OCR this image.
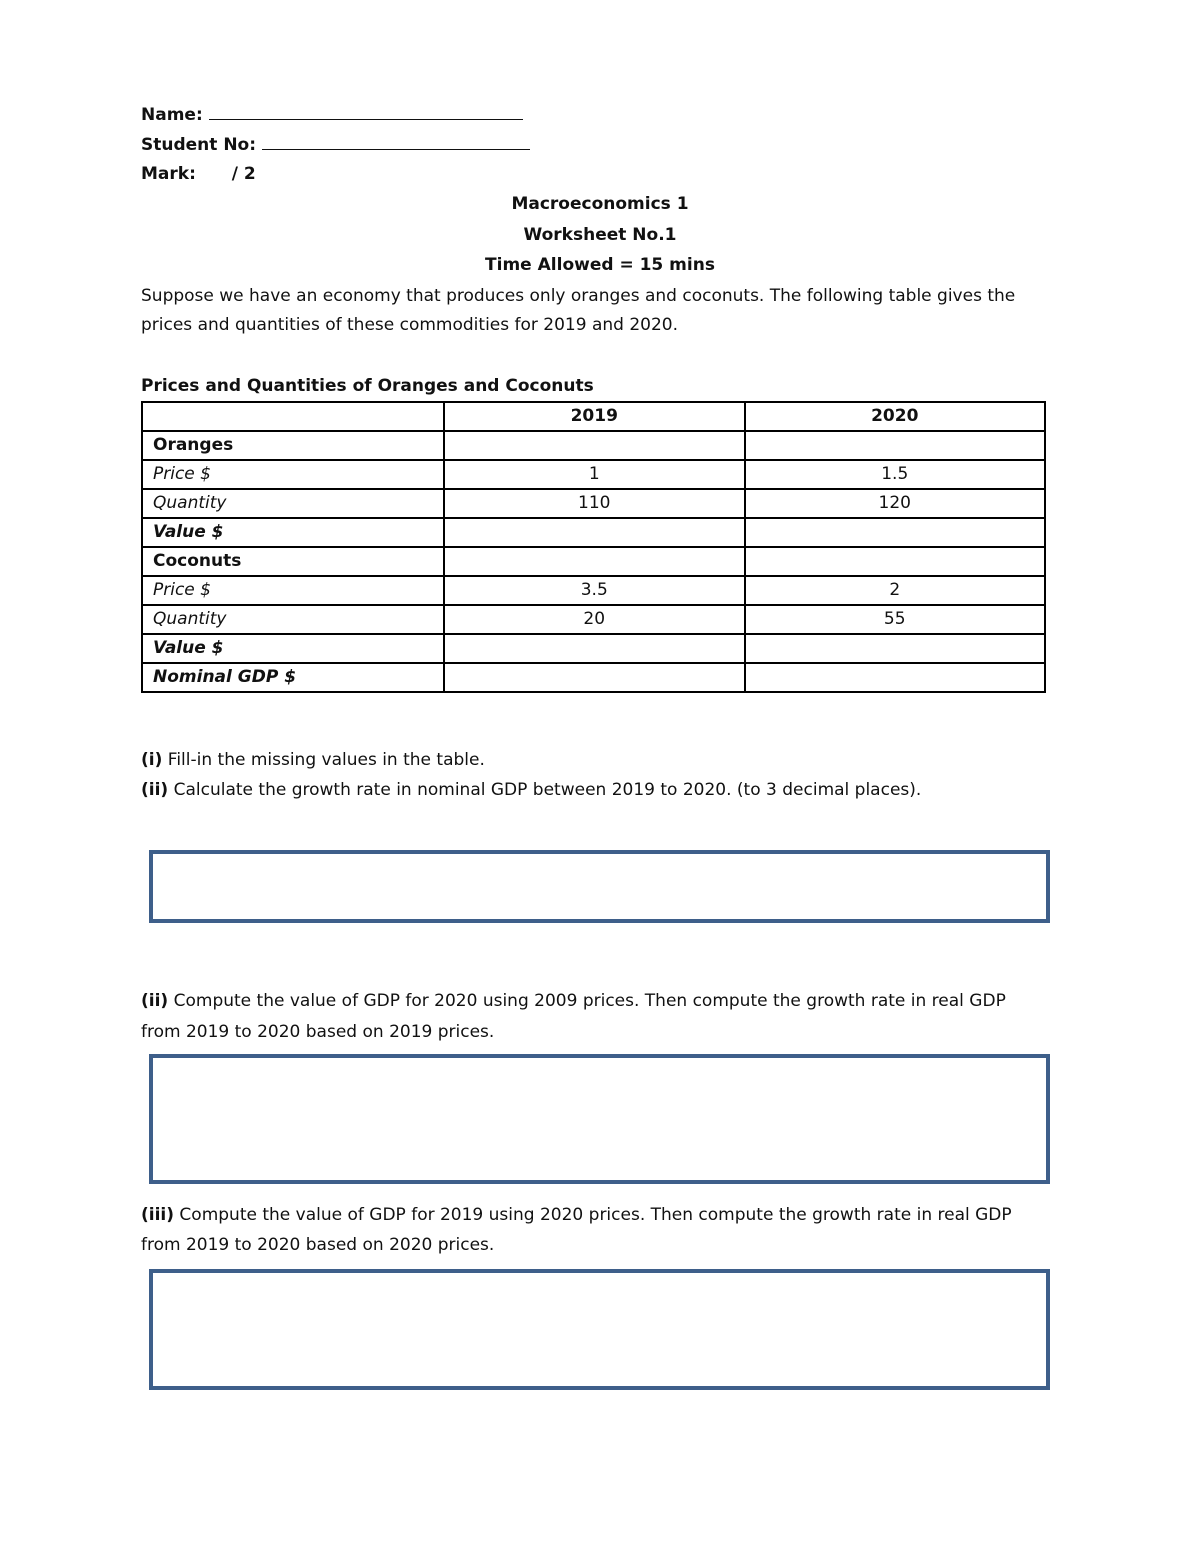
Name:
Student No:
Mark: / 2
Macroeconomics 1
Worksheet No.1
Time Allowed = 15 mins
Suppose we have an economy that produces only oranges and coconuts. The following table gives the
prices and quantities of these commodities for 2019 and 2020.
Prices and Quantities of Oranges and Coconuts
	2019	2020
Oranges		
Price $	1	1.5
Quantity	110	120
Value $		
Coconuts		
Price $	3.5	2
Quantity	20	55
Value $		
Nominal GDP $		
(i) Fill-in the missing values in the table.
(ii) Calculate the growth rate in nominal GDP between 2019 to 2020. (to 3 decimal places).
(ii) Compute the value of GDP for 2020 using 2009 prices. Then compute the growth rate in real GDP
from 2019 to 2020 based on 2019 prices.
(iii) Compute the value of GDP for 2019 using 2020 prices. Then compute the growth rate in real GDP
from 2019 to 2020 based on 2020 prices.
